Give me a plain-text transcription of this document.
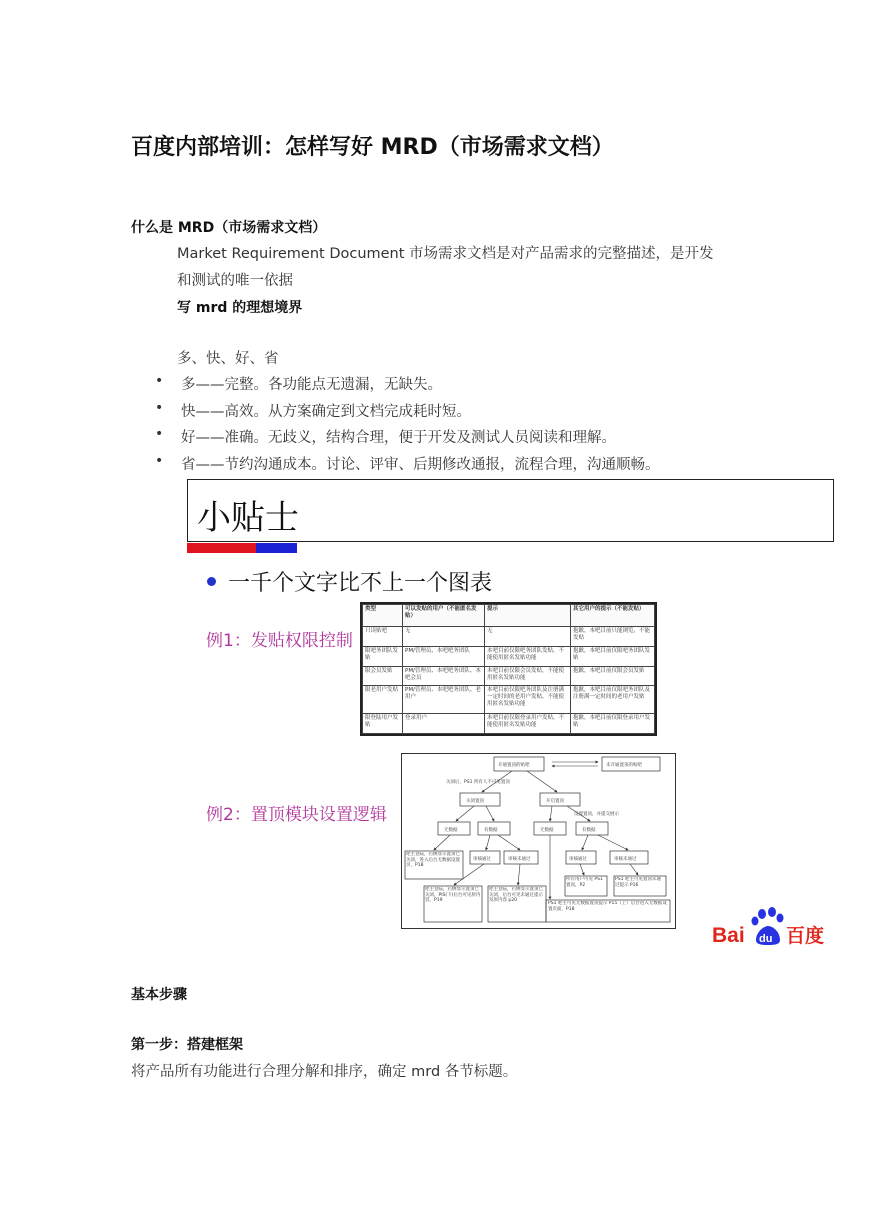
百度内部培训：怎样写好 MRD（市场需求文档）
什么是 MRD（市场需求文档）
Market Requirement Document 市场需求文档是对产品需求的完整描述，是开发
和测试的唯一依据
写 mrd 的理想境界
多、快、好、省
• 多——完整。各功能点无遗漏，无缺失。
• 快——高效。从方案确定到文档完成耗时短。
• 好——准确。无歧义，结构合理，便于开发及测试人员阅读和理解。
• 省——节约沟通成本。讨论、评审、后期修改通报，流程合理，沟通顺畅。
小贴士
一千个文字比不上一个图表
例1：发贴权限控制
类型	可以发贴的用户（不能匿名发贴）	提示	其它用户的提示（不能发贴）
只读贴吧	无	无	抱歉，本吧目前只能浏览，不能发贴
限吧务团队发贴	PM/管理员、本吧吧务团队	本吧目前仅限吧务团队发贴，不能使用匿名发贴功能	抱歉，本吧目前仅限吧务团队发贴
限会员发贴	PM/管理员、本吧吧务团队、本吧会员	本吧目前仅限会员发贴，不能使用匿名发贴功能	抱歉，本吧目前仅限会员发贴
限老用户发贴	PM/管理员、本吧吧务团队、老用户	本吧目前仅限吧务团队及注册满一定时间的老用户发贴，不能使用匿名发贴功能	抱歉，本吧目前仅限吧务团队及注册满一定时间的老用户发贴
限登陆用户发贴	登录用户	本吧目前仅限登录用户发贴，不能使用匿名发贴功能	抱歉，本吧目前仅限登录用户发贴
例2：置顶模块设置逻辑
开通置顶的贴吧	未开通置顶的贴吧
关闭后，PS1 所有人不可见置顶
关闭置顶	开启置顶
设置置顶，并提交展示
无数据	有数据	无数据	有数据
审核通过	审核未通过	审核通过	审核未通过
吧主登陆，右侧显示置顶已关闭，进入后台无数据设置页，P18
吧主登陆，右侧显示置顶已关闭，PIS(下)后台可见原内容，P19
吧主登陆，右侧显示置顶已关闭，后台可见未通过提示及原内容 p20
所有用户可见 PS1 置顶，P2
PS1 吧主可见置顶未通过提示 P16
PS1 吧主可见无数据置顶提示 P15（上）后台进入无数据设置页面，P18
du
Bai 百度
基本步骤
第一步：搭建框架
将产品所有功能进行合理分解和排序，确定 mrd 各节标题。
